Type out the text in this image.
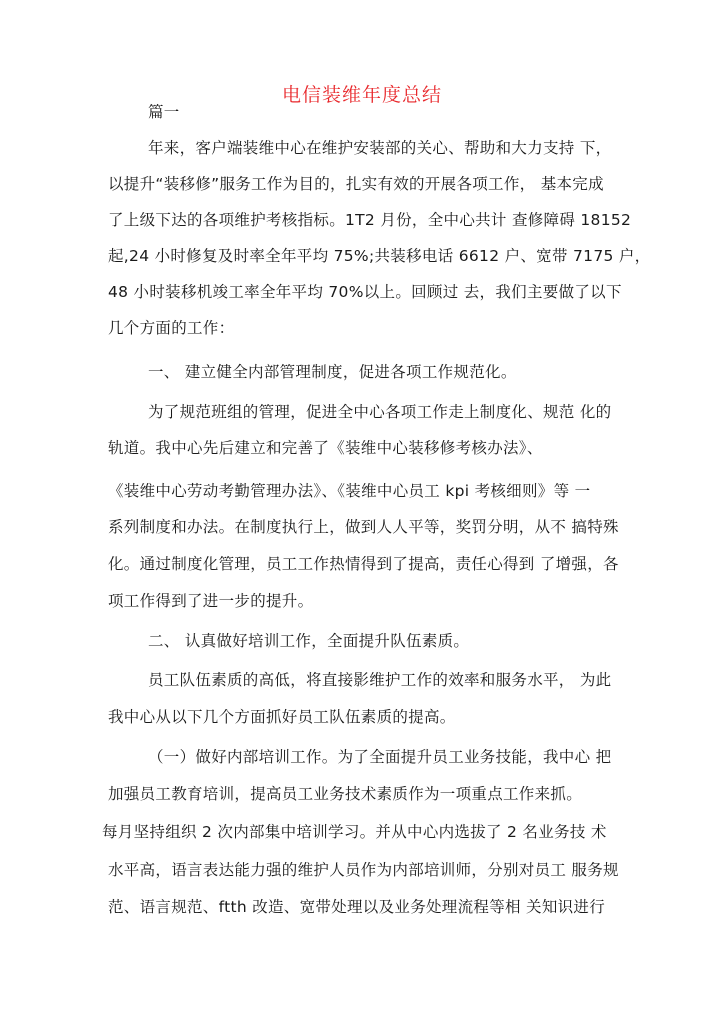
电信装维年度总结
篇一
年来，客户端装维中心在维护安装部的关心、帮助和大力支持 下，
以提升“装移修”服务工作为目的，扎实有效的开展各项工作， 基本完成
了上级下达的各项维护考核指标。1T2 月份，全中心共计 查修障碍 18152
起,24 小时修复及时率全年平均 75%;共装移电话 6612 户、宽带 7175 户，
48 小时装移机竣工率全年平均 70%以上。回顾过 去，我们主要做了以下
几个方面的工作：
一、 建立健全内部管理制度，促进各项工作规范化。
为了规范班组的管理，促进全中心各项工作走上制度化、规范 化的
轨道。我中心先后建立和完善了《装维中心装移修考核办法》、
《装维中心劳动考勤管理办法》、《装维中心员工 kpi 考核细则》等 一
系列制度和办法。在制度执行上，做到人人平等，奖罚分明，从不 搞特殊
化。通过制度化管理，员工工作热情得到了提高，责任心得到 了增强，各
项工作得到了进一步的提升。
二、 认真做好培训工作，全面提升队伍素质。
员工队伍素质的高低，将直接影维护工作的效率和服务水平， 为此
我中心从以下几个方面抓好员工队伍素质的提高。
（一）做好内部培训工作。为了全面提升员工业务技能，我中心 把
加强员工教育培训，提高员工业务技术素质作为一项重点工作来抓。
每月坚持组织 2 次内部集中培训学习。并从中心内选拔了 2 名业务技 术
水平高，语言表达能力强的维护人员作为内部培训师，分别对员工 服务规
范、语言规范、ftth 改造、宽带处理以及业务处理流程等相 关知识进行
